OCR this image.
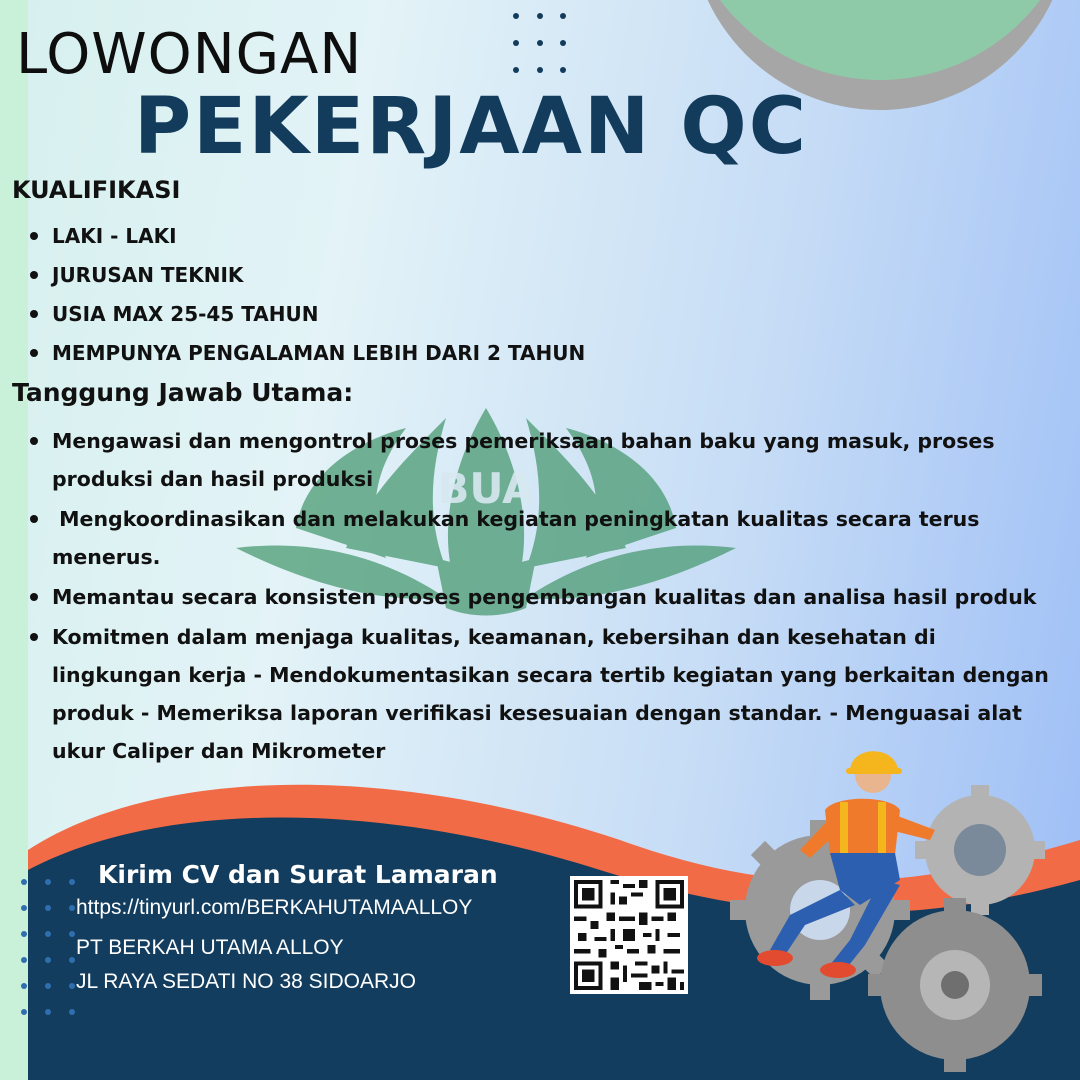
BUA
LOWONGAN
PEKERJAAN QC
KUALIFIKASI
LAKI - LAKI
JURUSAN TEKNIK
USIA MAX 25-45 TAHUN
MEMPUNYA PENGALAMAN LEBIH DARI 2 TAHUN
Tanggung Jawab Utama:
Mengawasi dan mengontrol proses pemeriksaan bahan baku yang masuk, proses produksi dan hasil produksi
Mengkoordinasikan dan melakukan kegiatan peningkatan kualitas secara terus menerus.
Memantau secara konsisten proses pengembangan kualitas dan analisa hasil produk
Komitmen dalam menjaga kualitas, keamanan, kebersihan dan kesehatan di lingkungan kerja - Mendokumentasikan secara tertib kegiatan yang berkaitan dengan produk - Memeriksa laporan verifikasi kesesuaian dengan standar. - Menguasai alat ukur Caliper dan Mikrometer
Kirim CV dan Surat Lamaran
https://tinyurl.com/BERKAHUTAMAALLOY
PT BERKAH UTAMA ALLOY
JL RAYA SEDATI NO 38 SIDOARJO
